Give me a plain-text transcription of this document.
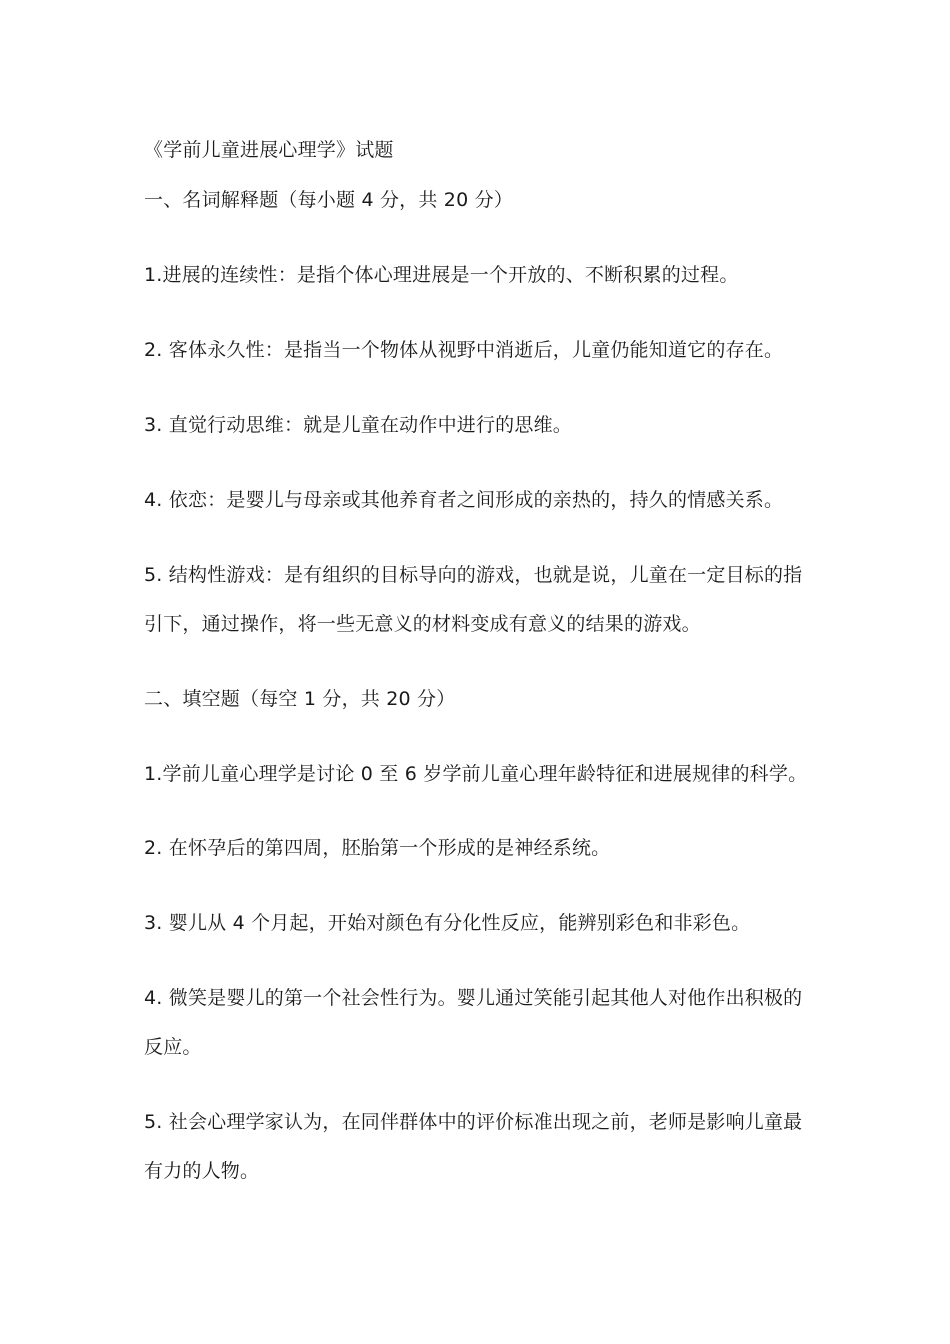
《学前儿童进展心理学》试题
一、名词解释题（每小题 4 分，共 20 分）
1.进展的连续性：是指个体心理进展是一个开放的、不断积累的过程。
2. 客体永久性：是指当一个物体从视野中消逝后，儿童仍能知道它的存在。
3. 直觉行动思维：就是儿童在动作中进行的思维。
4. 依恋：是婴儿与母亲或其他养育者之间形成的亲热的，持久的情感关系。
5. 结构性游戏：是有组织的目标导向的游戏，也就是说，儿童在一定目标的指
引下，通过操作，将一些无意义的材料变成有意义的结果的游戏。
二、填空题（每空 1 分，共 20 分）
1.学前儿童心理学是讨论 0 至 6 岁学前儿童心理年龄特征和进展规律的科学。
2. 在怀孕后的第四周，胚胎第一个形成的是神经系统。
3. 婴儿从 4 个月起，开始对颜色有分化性反应，能辨别彩色和非彩色。
4. 微笑是婴儿的第一个社会性行为。婴儿通过笑能引起其他人对他作出积极的
反应。
5. 社会心理学家认为，在同伴群体中的评价标准出现之前，老师是影响儿童最
有力的人物。
